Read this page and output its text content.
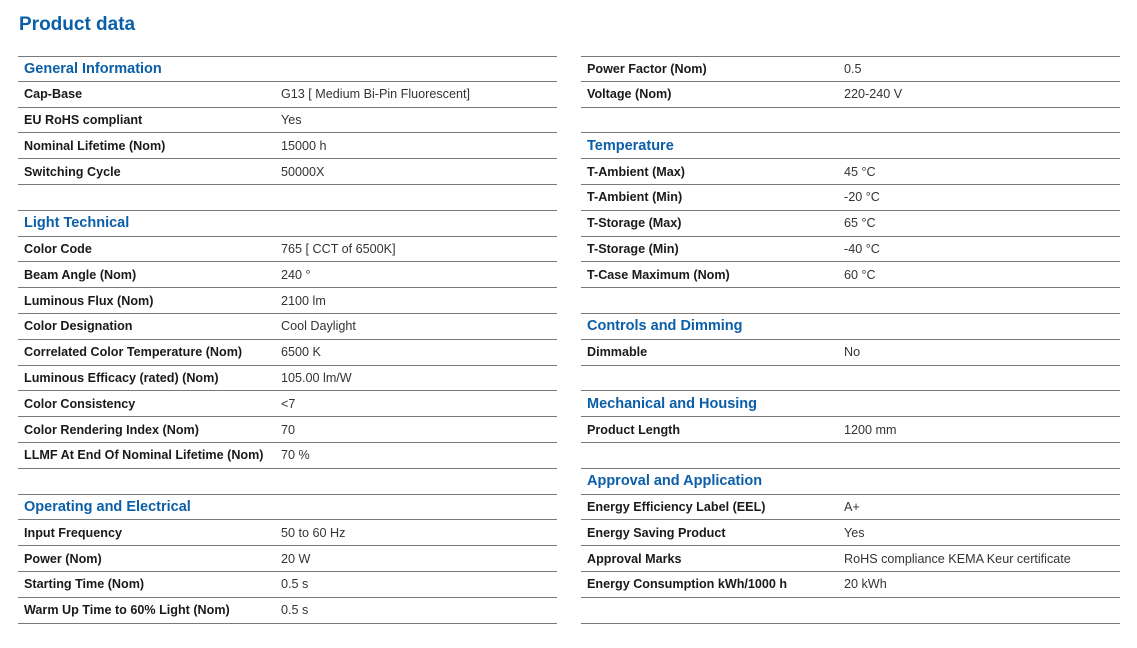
Product data
General Information
Cap-Base	G13 [ Medium Bi-Pin Fluorescent]
EU RoHS compliant	Yes
Nominal Lifetime (Nom)	15000 h
Switching Cycle	50000X
Light Technical
Color Code	765 [ CCT of 6500K]
Beam Angle (Nom)	240 °
Luminous Flux (Nom)	2100 lm
Color Designation	Cool Daylight
Correlated Color Temperature (Nom)	6500 K
Luminous Efficacy (rated) (Nom)	105.00 lm/W
Color Consistency	<7
Color Rendering Index (Nom)	70
LLMF At End Of Nominal Lifetime (Nom)	70 %
Operating and Electrical
Input Frequency	50 to 60 Hz
Power (Nom)	20 W
Starting Time (Nom)	0.5 s
Warm Up Time to 60% Light (Nom)	0.5 s
Power Factor (Nom)	0.5
Voltage (Nom)	220-240 V
Temperature
T-Ambient (Max)	45 °C
T-Ambient (Min)	-20 °C
T-Storage (Max)	65 °C
T-Storage (Min)	-40 °C
T-Case Maximum (Nom)	60 °C
Controls and Dimming
Dimmable	No
Mechanical and Housing
Product Length	1200 mm
Approval and Application
Energy Efficiency Label (EEL)	A+
Energy Saving Product	Yes
Approval Marks	RoHS compliance KEMA Keur certificate
Energy Consumption kWh/1000 h	20 kWh
